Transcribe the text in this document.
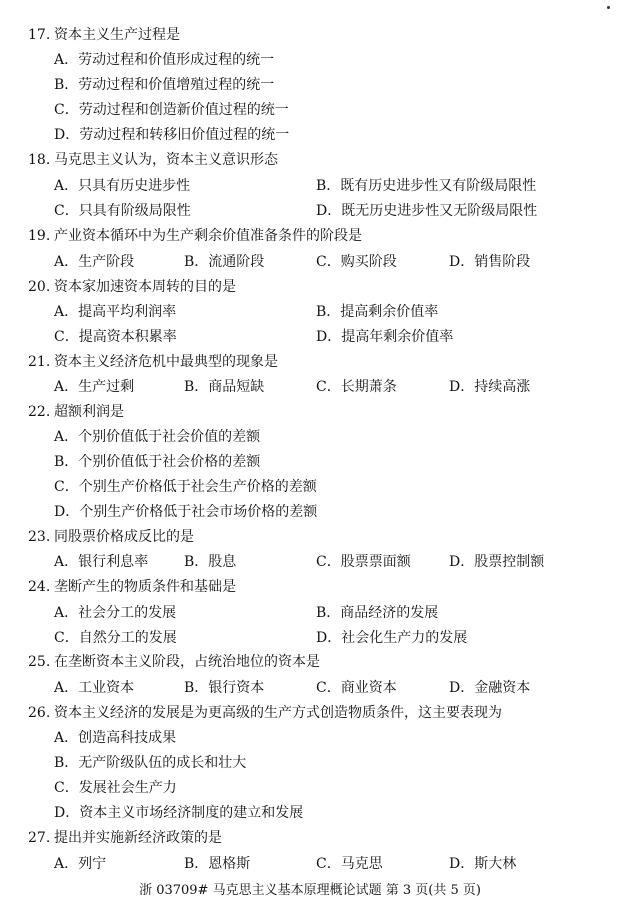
17. 资本主义生产过程是
A．劳动过程和价值形成过程的统一
B．劳动过程和价值增殖过程的统一
C．劳动过程和创造新价值过程的统一
D．劳动过程和转移旧价值过程的统一
18. 马克思主义认为，资本主义意识形态
A．只具有历史进步性	B．既有历史进步性又有阶级局限性
C．只具有阶级局限性	D．既无历史进步性又无阶级局限性
19. 产业资本循环中为生产剩余价值准备条件的阶段是
A．生产阶段	B．流通阶段	C．购买阶段	D．销售阶段
20. 资本家加速资本周转的目的是
A．提高平均利润率	B．提高剩余价值率
C．提高资本积累率	D．提高年剩余价值率
21. 资本主义经济危机中最典型的现象是
A．生产过剩	B．商品短缺	C．长期萧条	D．持续高涨
22. 超额利润是
A．个别价值低于社会价值的差额
B．个别价值低于社会价格的差额
C．个别生产价格低于社会生产价格的差额
D．个别生产价格低于社会市场价格的差额
23. 同股票价格成反比的是
A．银行利息率	B．股息	C．股票票面额	D．股票控制额
24. 垄断产生的物质条件和基础是
A．社会分工的发展	B．商品经济的发展
C．自然分工的发展	D．社会化生产力的发展
25. 在垄断资本主义阶段，占统治地位的资本是
A．工业资本	B．银行资本	C．商业资本	D．金融资本
26. 资本主义经济的发展是为更高级的生产方式创造物质条件，这主要表现为
A．创造高科技成果
B．无产阶级队伍的成长和壮大
C．发展社会生产力
D．资本主义市场经济制度的建立和发展
27. 提出并实施新经济政策的是
A．列宁	B．恩格斯	C．马克思	D．斯大林
浙 03709# 马克思主义基本原理概论试题 第 3 页(共 5 页)
